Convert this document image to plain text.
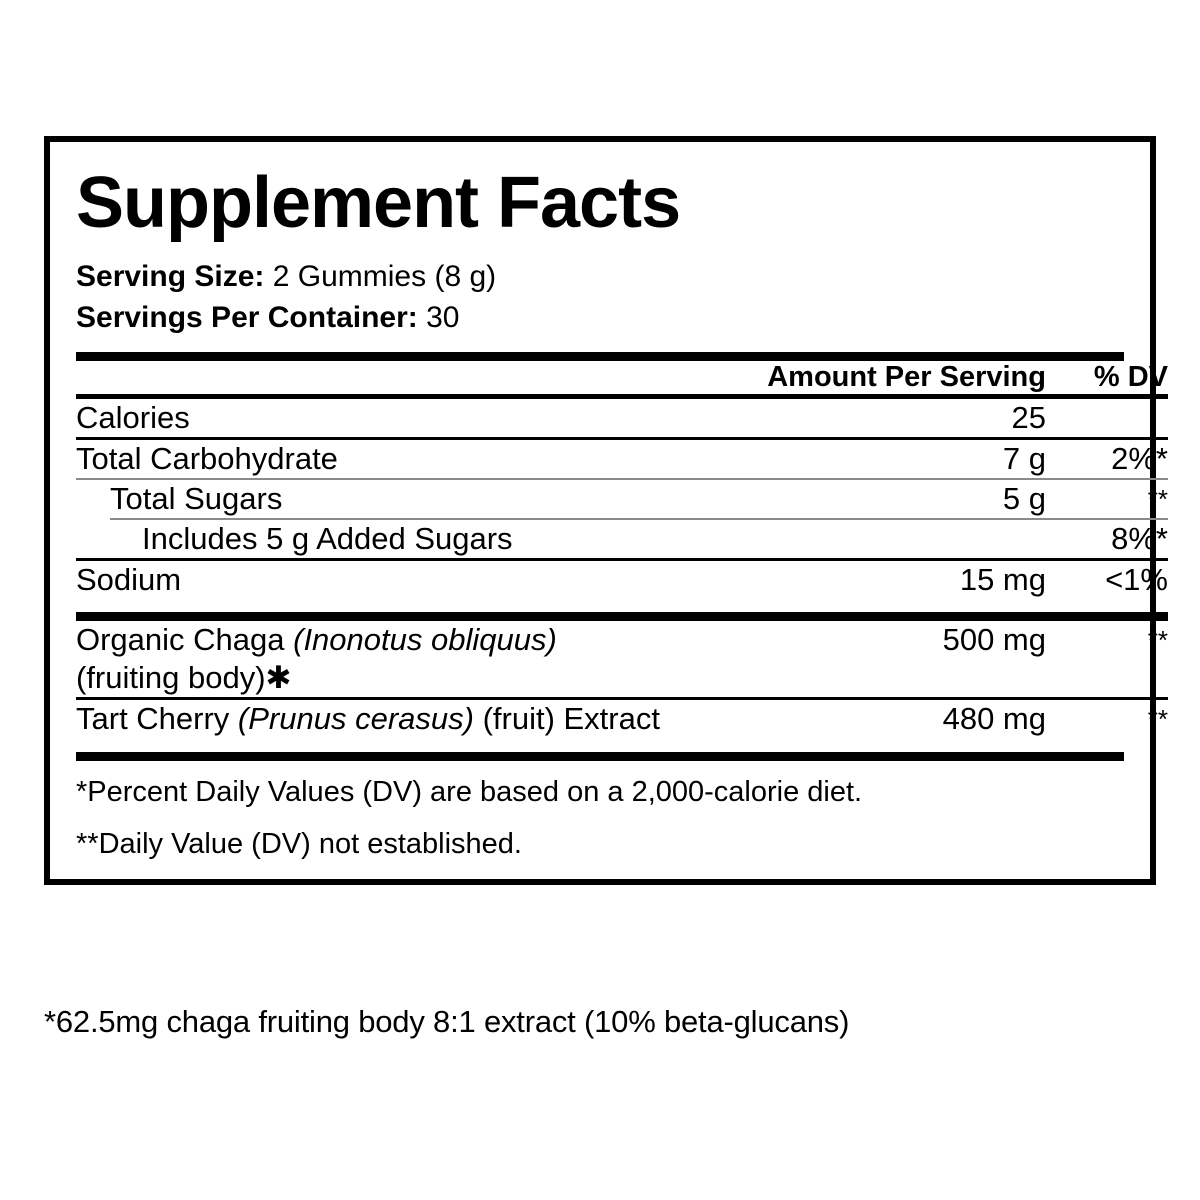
Supplement Facts
Serving Size: 2 Gummies (8 g)
Servings Per Container: 30
	Amount Per Serving	% DV

Calories	25	

Total Carbohydrate	7 g	2%*

Total Sugars	5 g	**

Includes 5 g Added Sugars		8%*

Sodium	15 mg	<1%

Organic Chaga (Inonotus obliquus)
(fruiting body)✱	500 mg	**

Tart Cherry (Prunus cerasus) (fruit) Extract	480 mg	**
*Percent Daily Values (DV) are based on a 2,000-calorie diet.
**Daily Value (DV) not established.
*62.5mg chaga fruiting body 8:1 extract (10% beta-glucans)
